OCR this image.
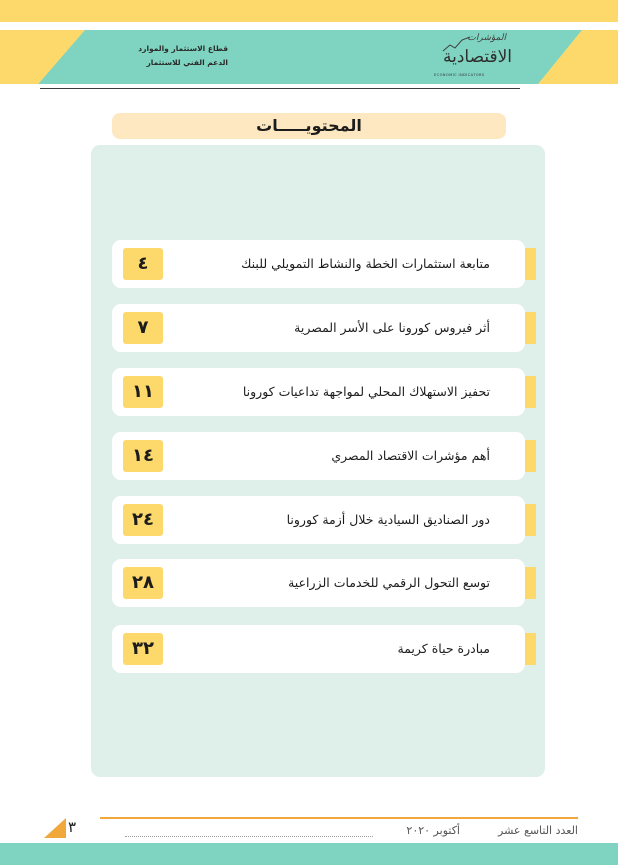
قطاع الاستثمار والموارد
الدعم الفني للاستثمار
المؤشرات
الاقتصادية
ECONOMIC INDICATORS
المحتويـــــات
متابعة استثمارات الخطة والنشاط التمويلي للبنك
٤
أثر فيروس كورونا على الأسر المصرية
٧
تحفيز الاستهلاك المحلي لمواجهة تداعيات كورونا
١١
أهم مؤشرات الاقتصاد المصري
١٤
دور الصناديق السيادية خلال أزمة كورونا
٢٤
توسع التحول الرقمي للخدمات الزراعية
٢٨
مبادرة حياة كريمة
٣٢
٣	العدد التاسع عشر
أكتوبر ٢٠٢٠
